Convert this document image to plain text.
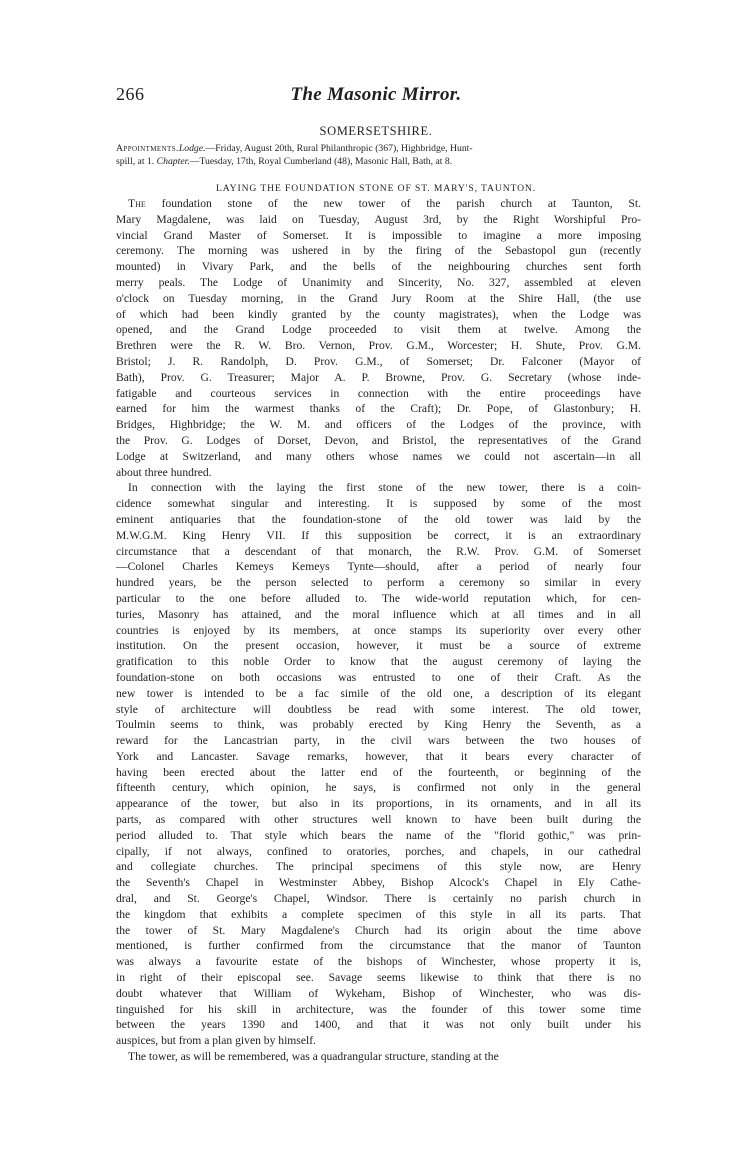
266	The Masonic Mirror.
SOMERSETSHIRE.
Appointments.Lodge.—Friday, August 20th, Rural Philanthropic (367), Highbridge, Hunt-
spill, at 1. Chapter.—Tuesday, 17th, Royal Cumberland (48), Masonic Hall, Bath, at 8.
LAYING THE FOUNDATION STONE OF ST. MARY'S, TAUNTON.
The foundation stone of the new tower of the parish church at Taunton, St.
Mary Magdalene, was laid on Tuesday, August 3rd, by the Right Worshipful Pro-
vincial Grand Master of Somerset. It is impossible to imagine a more imposing
ceremony. The morning was ushered in by the firing of the Sebastopol gun (recently
mounted) in Vivary Park, and the bells of the neighbouring churches sent forth
merry peals. The Lodge of Unanimity and Sincerity, No. 327, assembled at eleven
o'clock on Tuesday morning, in the Grand Jury Room at the Shire Hall, (the use
of which had been kindly granted by the county magistrates), when the Lodge was
opened, and the Grand Lodge proceeded to visit them at twelve. Among the
Brethren were the R. W. Bro. Vernon, Prov. G.M., Worcester; H. Shute, Prov. G.M.
Bristol; J. R. Randolph, D. Prov. G.M., of Somerset; Dr. Falconer (Mayor of
Bath), Prov. G. Treasurer; Major A. P. Browne, Prov. G. Secretary (whose inde-
fatigable and courteous services in connection with the entire proceedings have
earned for him the warmest thanks of the Craft); Dr. Pope, of Glastonbury; H.
Bridges, Highbridge; the W. M. and officers of the Lodges of the province, with
the Prov. G. Lodges of Dorset, Devon, and Bristol, the representatives of the Grand
Lodge at Switzerland, and many others whose names we could not ascertain—in all
about three hundred.
In connection with the laying the first stone of the new tower, there is a coin-
cidence somewhat singular and interesting. It is supposed by some of the most
eminent antiquaries that the foundation-stone of the old tower was laid by the
M.W.G.M. King Henry VII. If this supposition be correct, it is an extraordinary
circumstance that a descendant of that monarch, the R.W. Prov. G.M. of Somerset
—Colonel Charles Kemeys Kemeys Tynte—should, after a period of nearly four
hundred years, be the person selected to perform a ceremony so similar in every
particular to the one before alluded to. The wide-world reputation which, for cen-
turies, Masonry has attained, and the moral influence which at all times and in all
countries is enjoyed by its members, at once stamps its superiority over every other
institution. On the present occasion, however, it must be a source of extreme
gratification to this noble Order to know that the august ceremony of laying the
foundation-stone on both occasions was entrusted to one of their Craft. As the
new tower is intended to be a fac simile of the old one, a description of its elegant
style of architecture will doubtless be read with some interest. The old tower,
Toulmin seems to think, was probably erected by King Henry the Seventh, as a
reward for the Lancastrian party, in the civil wars between the two houses of
York and Lancaster. Savage remarks, however, that it bears every character of
having been erected about the latter end of the fourteenth, or beginning of the
fifteenth century, which opinion, he says, is confirmed not only in the general
appearance of the tower, but also in its proportions, in its ornaments, and in all its
parts, as compared with other structures well known to have been built during the
period alluded to. That style which bears the name of the "florid gothic," was prin-
cipally, if not always, confined to oratories, porches, and chapels, in our cathedral
and collegiate churches. The principal specimens of this style now, are Henry
the Seventh's Chapel in Westminster Abbey, Bishop Alcock's Chapel in Ely Cathe-
dral, and St. George's Chapel, Windsor. There is certainly no parish church in
the kingdom that exhibits a complete specimen of this style in all its parts. That
the tower of St. Mary Magdalene's Church had its origin about the time above
mentioned, is further confirmed from the circumstance that the manor of Taunton
was always a favourite estate of the bishops of Winchester, whose property it is,
in right of their episcopal see. Savage seems likewise to think that there is no
doubt whatever that William of Wykeham, Bishop of Winchester, who was dis-
tinguished for his skill in architecture, was the founder of this tower some time
between the years 1390 and 1400, and that it was not only built under his
auspices, but from a plan given by himself.
The tower, as will be remembered, was a quadrangular structure, standing at the
